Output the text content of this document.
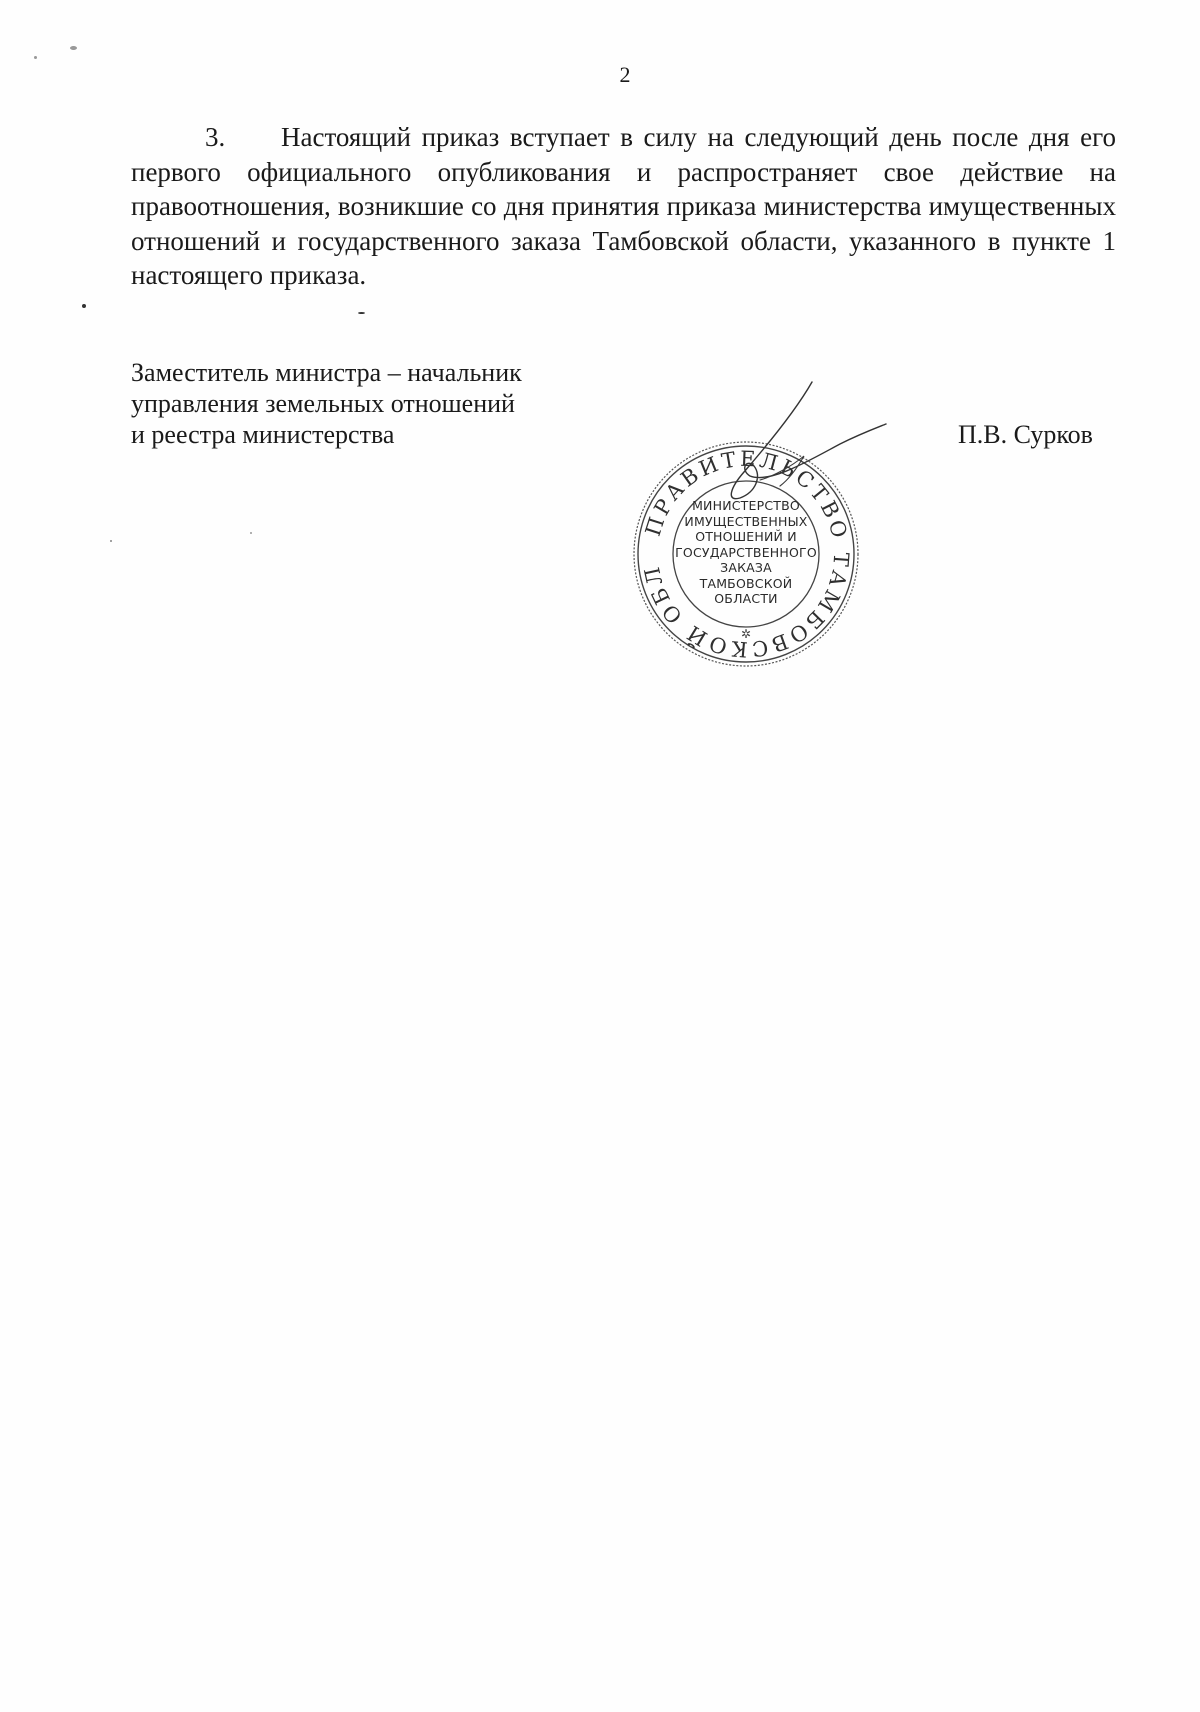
2

3. Настоящий приказ вступает в силу на следующий день после дня его первого официального опубликования и распространяет свое действие на правоотношения, возникшие со дня принятия приказа министерства имущественных отношений и государственного заказа Тамбовской области, указанного в пункте 1 настоящего приказа.

Заместитель министра – начальник
управления земельных отношений
и реестра министерства	П.В. Сурков
ПРАВИТЕЛЬСТВО ТАМБОВСКОЙ ОБЛ
✲
МИНИСТЕРСТВО
ИМУЩЕСТВЕННЫХ
ОТНОШЕНИЙ И
ГОСУДАРСТВЕННОГО
ЗАКАЗА
ТАМБОВСКОЙ
ОБЛАСТИ
